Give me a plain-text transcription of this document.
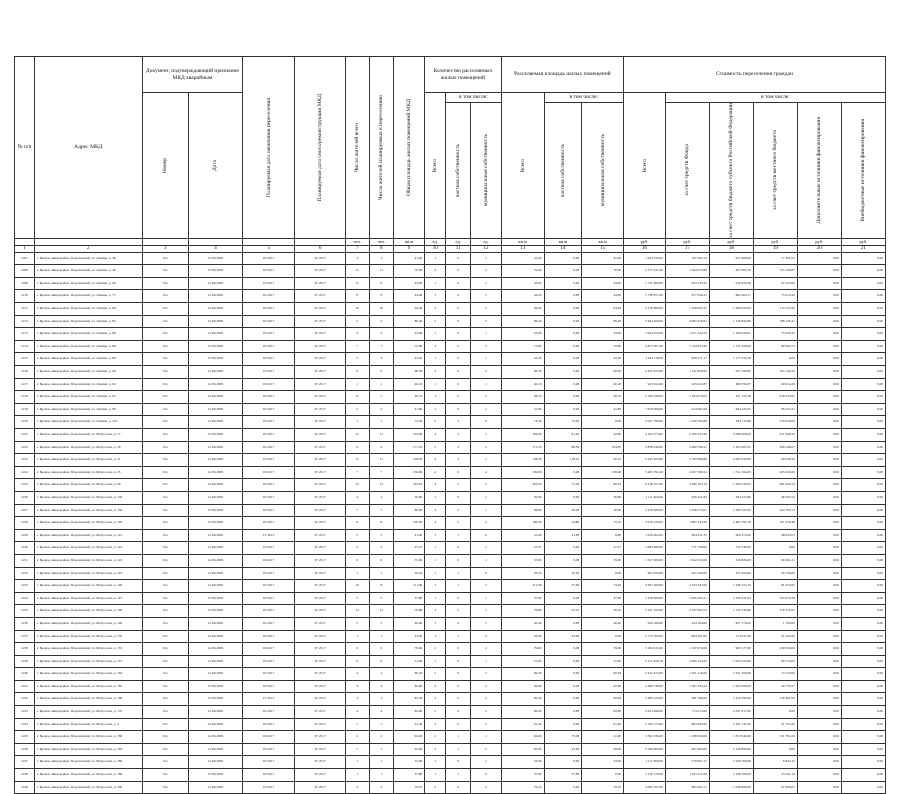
№ п/п	Адрес МКД	Документ, подтверждающий признание МКД аварийным		Планируемая дата окончания переселения	Планируемая дата сноса/реконструкции МКД	Число жителей всего	Число жителей планируемых к переселению	Общая площадь жилых помещений МКД	Количество расселяемых жилых помещений			Расселяемая площадь жилых помещений			Стоимость переселения граждан					

		Номер	Дата						Всего	в том числе:		Всего	в том числе:		Всего	в том числе:				

										частная собственность	муниципальная собственность		частная собственность	муниципальная собственность		за счет средств Фонда	за счет средств бюджета субъекта Российской Федерации	за счет средств местного бюджета	Дополнительные источники финансирования	Внебюджетные источники финансирования

						чел.	чел.	кв.м	ед.	ед.	ед.	кв.м	кв.м	кв.м	руб.	руб.	руб.	руб.	руб.	руб.
1	2	3	4	5	6	7	8	9	10	11	12	13	14	15	16	17	18	19	20	21
1207	г. Бренск, микрорайон. Пороховский, ул. Ленина, д. 48	б/н	21.09.2009	III 2017	IV 2017	3	3	41,00	1	0	1	41,00	0,00	41,00	1 654 330,00	187 402,14	972 466,99	77 391,05	0,00	0,00
1208	г. Бренск, микрорайон. Пороховский, ул. Ленина, д. 49	б/н	21.09.2009	III 2017	IV 2017	11	11	70,00	2	0	2	70,00	0,00	70,00	2 577 241,00	1 294 072,86	697 665,39	135 326,87	0,00	0,00
1209	г. Бренск, микрорайон. Пороховский, ул. Ленина, д. 69	б/н	21.09.2009	III 2017	IV 2017	11	8	43,00	1	0	1	43,00	0,00	43,00	1 721 660,00	934 135,25	919 450,56	67 222,00	0,00	0,00
1210	г. Бренск, микрорайон. Пороховский, ул. Ленина, д. 75	б/н	21.09.2009	III 2017	IV 2017	8	8	44,00	1	0	1	44,00	0,00	44,00	1 738 671,00	877 040,23	862 404,71	75 012,50	0,00	0,00
1211	г. Бренск, микрорайон. Пороховский, ул. Ленина, д. 88	б/н	21.09.2009	III 2017	IV 2017	16	16	64,20	2	0	2	64,20	0,00	64,20	2 579 860,00	1 358 052,37	1 006 050,63	115 757,00	0,00	0,00
1212	г. Бренск, микрорайон. Пороховский, ул. Ленина, д. 82	б/н	21.09.2009	III 2017	IV 2017	5	5	86,40	2	0	2	86,40	0,00	86,40	3 464 200,00	2 083 478,61	1 129 834,86	188 126,41	0,00	0,00
1213	г. Бренск, микрорайон. Пороховский, ул. Ленина, д. 86	б/н	21.09.2009	III 2017	IV 2017	4	4	43,90	1	0	1	43,90	0,00	43,90	1 924 070,00	1 071 224,74	1 106 029,91	75 050,33	0,00	0,00
1214	г. Бренск, микрорайон. Пороховский, ул. Ленина, д. 88	б/н	21.09.2009	III 2017	IV 2017	7	7	72,80	3	0	3	72,80	0,00	72,80	2 873 367,00	1 744 933,44	1 151 458,66	80 064,75	0,00	0,00
1215	г. Бренск, микрорайон. Пороховский, ул. Ленина, д. 89	б/н	21.09.2009	III 2017	IV 2017	2	2	43,20	1	0	1	43,20	0,00	43,20	1 644 110,00	858 171,17	1 177 722,29	0,00	0,00	0,00
1216	г. Бренск, микрорайон. Пороховский, ул. Ленина, д. 90	б/н	21.09.2009	III 2017	IV 2017	6	6	60,30	3	0	3	60,30	0,00	60,30	2 435 672,00	1 141 859,92	927 190,82	105 140,20	0,00	0,00
1217	г. Бренск, микрорайон. Пороховский, ул. Ленина, д. 92	б/н	21.09.2009	III 2017	IV 2017	1	1	40,10	1	0	1	40,10	0,00	40,10	945 022,00	425 622,87	489 790,67	40 914,26	0,00	0,00
1218	г. Бренск, микрорайон. Пороховский, ул. Ленина, д. 95	б/н	21.09.2009	III 2017	IV 2017	6	5	46,70	1	0	1	46,70	0,00	46,70	1 790 346,00	1 263 979,03	501 122,28	229 433,81	0,00	0,00
1219	г. Бренск, микрорайон. Пороховский, ул. Ленина, д. 96	б/н	21.09.2009	III 2017	IV 2017	5	5	41,80	1	0	1	41,80	0,00	41,80	1 619 066,00	914 961,06	694 445,67	86 225,21	0,00	0,00
1220	г. Бренск, микрорайон. Пороховский, ул. Ленина, д. 101	б/н	21.09.2009	III 2017	IV 2017	1	1	74,50	2	2	0	74,50	74,50	0,00	2 937 796,00	1 556 762,80	394 115,86	179 619,09	0,00	0,00
1221	г. Бренск, микрорайон. Пороховский, ул. Матросова, д. 17	б/н	21.09.2009	III 2017	IV 2017	11	11	104,00	4	3	1	104,00	61,20	42,80	4 102 373,00	2 709 253,30	2 080 000,00	251 908,25	0,00	0,00
1222	г. Бренск, микрорайон. Пороховский, ул. Матросова, д. 18	б/н	21.09.2009	III 2017	IV 2017	9	9	171,55	5	3	2	171,55	68,50	103,05	5 858 248,00	2 968 780,21	1 302 963,55	306 546,07	0,00	0,00
1223	г. Бренск, микрорайон. Пороховский, ул. Матросова, д. 21	б/н	21.09.2009	III 2017	IV 2017	11	11	138,20	4	3	1	138,20	118,10	20,10	5 445 263,00	2 702 069,80	2 083 430,00	99 046,50	0,00	0,00
1224	г. Бренск, микрорайон. Пороховский, ул. Матросова, д. 23	б/н	21.09.2009	III 2017	IV 2017	7	7	139,90	4	0	4	139,90	0,00	139,90	5 405 761,00	2 407 180,52	1 511 194,63	265 626,66	0,00	0,00
1225	г. Бренск, микрорайон. Пороховский, ул. Матросова, д. 26	б/н	21.09.2009	III 2017	IV 2017	15	14	163,02	4	2	2	163,02	73,50	89,52	6 418 707,00	3 499 103,14	1 906 540,03	281 943,24	0,00	0,00
1226	г. Бренск, микрорайон. Пороховский, ул. Матросова, д. 136	б/н	21.09.2009	III 2017	IV 2017	4	4	30,60	1	0	1	30,60	0,00	30,60	1 111 404,00	630 421,84	584 472,89	46 502,54	0,00	0,00
1227	г. Бренск, микрорайон. Пороховский, ул. Матросова, д. 138	б/н	21.09.2009	III 2017	IV 2017	7	7	86,00	3	2	1	86,00	56,00	30,00	3 410 060,00	1 618 173,01	1 582 122,00	243 793,73	0,00	0,00
1228	г. Бренск, микрорайон. Пороховский, ул. Матросова, д. 140	б/н	21.09.2009	III 2017	IV 2017	9	9	100,50	4	2	2	100,50	24,80	75,70	3 976 120,00	1 897 433,20	2 465 793,10	197 378,38	0,00	0,00
1229	г. Бренск, микрорайон. Пороховский, ул. Матросова, д. 141	б/н	21.09.2009	IV 2015	IV 2017	5	5	41,00	1	1	0	41,00	41,00	0,00	1 619 902,00	904 911,35	600 474,00	48 633,03	0,00	0,00
1230	г. Бренск, микрорайон. Пороховский, ул. Матросова, д. 142	б/н	21.09.2009	III 2017	IV 2017	2	2	27,27	1	0	1	27,27	0,00	27,27	1 084 486,00	571 760,00	512 746,00	0,00	0,00	0,00
1231	г. Бренск, микрорайон. Пороховский, ул. Матросова, д. 143	б/н	21.09.2009	III 2017	IV 2017	6	6	35,90	1	0	1	35,90	0,00	35,90	1 327 400,00	1 042 022,00	619 826,00	60 491,21	0,00	0,00
1232	г. Бренск, микрорайон. Пороховский, ул. Матросова, д. 145	б/н	21.09.2009	III 2017	IV 2017	1	1	20,50	1	1	0	20,50	20,50	0,00	697 829,00	427 426,00	257 624,00	40 730,00	0,00	0,00
1233	г. Бренск, микрорайон. Пороховский, ул. Матросова, д. 146	б/н	21.09.2009	III 2017	IV 2017	10	8	111,00	3	1	2	111,00	37,60	73,40	4 387 460,00	2 523 347,00	1 646 153,19	81 072,65	0,00	0,00
1234	г. Бренск, микрорайон. Пороховский, ул. Матросова, д. 147	б/н	21.09.2009	III 2017	IV 2017	5	5	37,80	1	0	1	37,80	0,00	37,80	1 430 900,00	1 009 402,21	1 256 221,03	105 072,28	0,00	0,00
1235	г. Бренск, микрорайон. Пороховский, ул. Матросова, д. 148	б/н	21.09.2009	III 2017	IV 2017	14	14	79,80	3	2	1	79,80	43,10	36,70	3 161 322,00	2 197 603,74	1 132 740,80	178 131,07	0,00	0,00
1236	г. Бренск, микрорайон. Пороховский, ул. Матросова, д. 149	б/н	21.09.2009	III 2017	IV 2017	5	5	40,40	1	0	1	40,40	0,00	40,40	926 160,00	224 164,00	827 179,00	1 700,00	0,00	0,00
1237	г. Бренск, микрорайон. Пороховский, ул. Матросова, д. 150	б/н	21.09.2009	III 2017	IV 2017	1	1	43,00	1	1	0	43,00	43,00	0,00	1 715 700,00	894 301,00	174 537,00	61 422,00	0,00	0,00
1238	г. Бренск, микрорайон. Пороховский, ул. Матросова, д. 155	б/н	21.09.2009	III 2017	IV 2017	9	9	79,60	2	0	2	79,60	0,00	79,60	3 182 615,00	1 197 672,00	963 177,00	230 650,00	0,00	0,00
1239	г. Бренск, микрорайон. Пороховский, ул. Матросова, д. 157	б/н	21.09.2009	III 2017	IV 2017	8	8	51,00	1	0	1	51,00	0,00	51,00	2 117 456,70	1 095 154,22	1 025 522,82	80 774,05	0,00	0,00
1240	г. Бренск, микрорайон. Пороховский, ул. Матросова, д. 164	б/н	21.09.2009	III 2017	IV 2017	4	4	60,29	2	0	2	60,29	0,00	60,29	2 425 472,00	1 201 416,00	1 051 260,00	13 732,00	0,00	0,00
1241	г. Бренск, микрорайон. Пороховский, ул. Матросова, д. 165	б/н	21.09.2009	III 2017	IV 2017	4	4	62,60	2	0	2	62,60	0,00	62,60	2 486 746,00	1 307 232,24	1 004 260,00	46 779,27	0,00	0,00
1242	г. Бренск, микрорайон. Пороховский, ул. Матросова, д. 168	б/н	21.09.2009	IV 2015	IV 2015	3	3	82,39	2	0	2	82,39	0,00	82,39	3 489 125,00	981 780,00	1 410 790,00	136 361,00	0,00	0,00
1243	г. Бренск, микрорайон. Пороховский, ул. Матросова, д. 170	б/н	21.09.2009	III 2017	IV 2017	4	4	82,00	2	0	2	82,00	0,00	82,00	2 654 496,00	774 274,00	2 037 617,00	0,00	0,00	0,00
1244	г. Бренск, микрорайон. Пороховский, ул. Матросова, д. 4	б/н	21.09.2009	III 2017	IV 2017	7	7	61,40	2	0	2	61,40	0,00	61,40	1 700 175,00	884 463,00	2 201 741,00	61 751,00	0,00	0,00
1245	г. Бренск, микрорайон. Пороховский, ул. Матросова, д. 180	б/н	21.09.2009	III 2017	IV 2017	2	2	94,00	2	1	1	94,00	73,00	21,00	3 591 936,00	1 188 956,00	1 813 940,00	131 791,00	0,00	0,00
1246	г. Бренск, микрорайон. Пороховский, ул. Матросова, д. 182	б/н	21.09.2009	III 2017	IV 2017	7	7	92,00	3	1	2	92,00	43,00	49,00	3 706 000,00	997 600,00	2 146 890,00	0,00	0,00	0,00
1247	г. Бренск, микрорайон. Пороховский, ул. Матросова, д. 186	б/н	21.09.2009	III 2017	IV 2017	1	1	33,00	1	0	1	33,00	0,00	33,00	1 117 006,00	579 907,17	1 029 760,00	8 842,33	0,00	0,00
1248	г. Бренск, микрорайон. Пороховский, ул. Матросова, д. 188	б/н	21.09.2009	III 2017	IV 2017	1	1	37,80	1	1	0	37,80	37,80	0,00	1 516 170,00	1 051 911,00	1 248 160,00	23 041,10	0,00	0,00
1249	г. Бренск, микрорайон. Пороховский, ул. Матросова, д. 200	б/н	21.09.2009	III 2017	IV 2017	4	4	79,10	2	0	2	79,10	0,00	79,10	2 006 107,00	983 491,71	1 046 899,00	87 906,07	0,00	0,00
